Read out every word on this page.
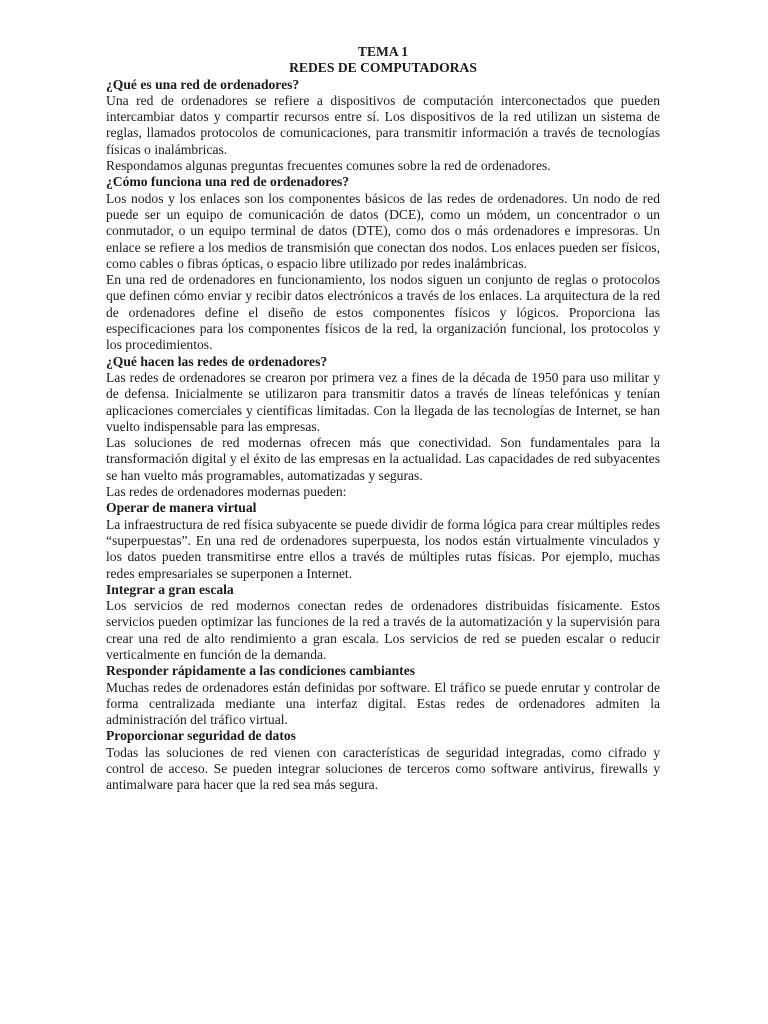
TEMA 1

REDES DE COMPUTADORAS

¿Qué es una red de ordenadores?

Una red de ordenadores se refiere a dispositivos de computación interconectados que pueden intercambiar datos y compartir recursos entre sí. Los dispositivos de la red utilizan un sistema de reglas, llamados protocolos de comunicaciones, para transmitir información a través de tecnologías físicas o inalámbricas.

Respondamos algunas preguntas frecuentes comunes sobre la red de ordenadores.

¿Cómo funciona una red de ordenadores?

Los nodos y los enlaces son los componentes básicos de las redes de ordenadores. Un nodo de red puede ser un equipo de comunicación de datos (DCE), como un módem, un concentrador o un conmutador, o un equipo terminal de datos (DTE), como dos o más ordenadores e impresoras. Un enlace se refiere a los medios de transmisión que conectan dos nodos. Los enlaces pueden ser físicos, como cables o fibras ópticas, o espacio libre utilizado por redes inalámbricas.

En una red de ordenadores en funcionamiento, los nodos siguen un conjunto de reglas o protocolos que definen cómo enviar y recibir datos electrónicos a través de los enlaces. La arquitectura de la red de ordenadores define el diseño de estos componentes físicos y lógicos. Proporciona las especificaciones para los componentes físicos de la red, la organización funcional, los protocolos y los procedimientos.

¿Qué hacen las redes de ordenadores?

Las redes de ordenadores se crearon por primera vez a fines de la década de 1950 para uso militar y de defensa. Inicialmente se utilizaron para transmitir datos a través de líneas telefónicas y tenían aplicaciones comerciales y científicas limitadas. Con la llegada de las tecnologías de Internet, se han vuelto indispensable para las empresas.

Las soluciones de red modernas ofrecen más que conectividad. Son fundamentales para la transformación digital y el éxito de las empresas en la actualidad. Las capacidades de red subyacentes se han vuelto más programables, automatizadas y seguras.

Las redes de ordenadores modernas pueden:

Operar de manera virtual

La infraestructura de red física subyacente se puede dividir de forma lógica para crear múltiples redes “superpuestas”. En una red de ordenadores superpuesta, los nodos están virtualmente vinculados y los datos pueden transmitirse entre ellos a través de múltiples rutas físicas. Por ejemplo, muchas redes empresariales se superponen a Internet.

Integrar a gran escala

Los servicios de red modernos conectan redes de ordenadores distribuidas físicamente. Estos servicios pueden optimizar las funciones de la red a través de la automatización y la supervisión para crear una red de alto rendimiento a gran escala. Los servicios de red se pueden escalar o reducir verticalmente en función de la demanda.

Responder rápidamente a las condiciones cambiantes

Muchas redes de ordenadores están definidas por software. El tráfico se puede enrutar y controlar de forma centralizada mediante una interfaz digital. Estas redes de ordenadores admiten la administración del tráfico virtual.

Proporcionar seguridad de datos

Todas las soluciones de red vienen con características de seguridad integradas, como cifrado y control de acceso. Se pueden integrar soluciones de terceros como software antivirus, firewalls y antimalware para hacer que la red sea más segura.
